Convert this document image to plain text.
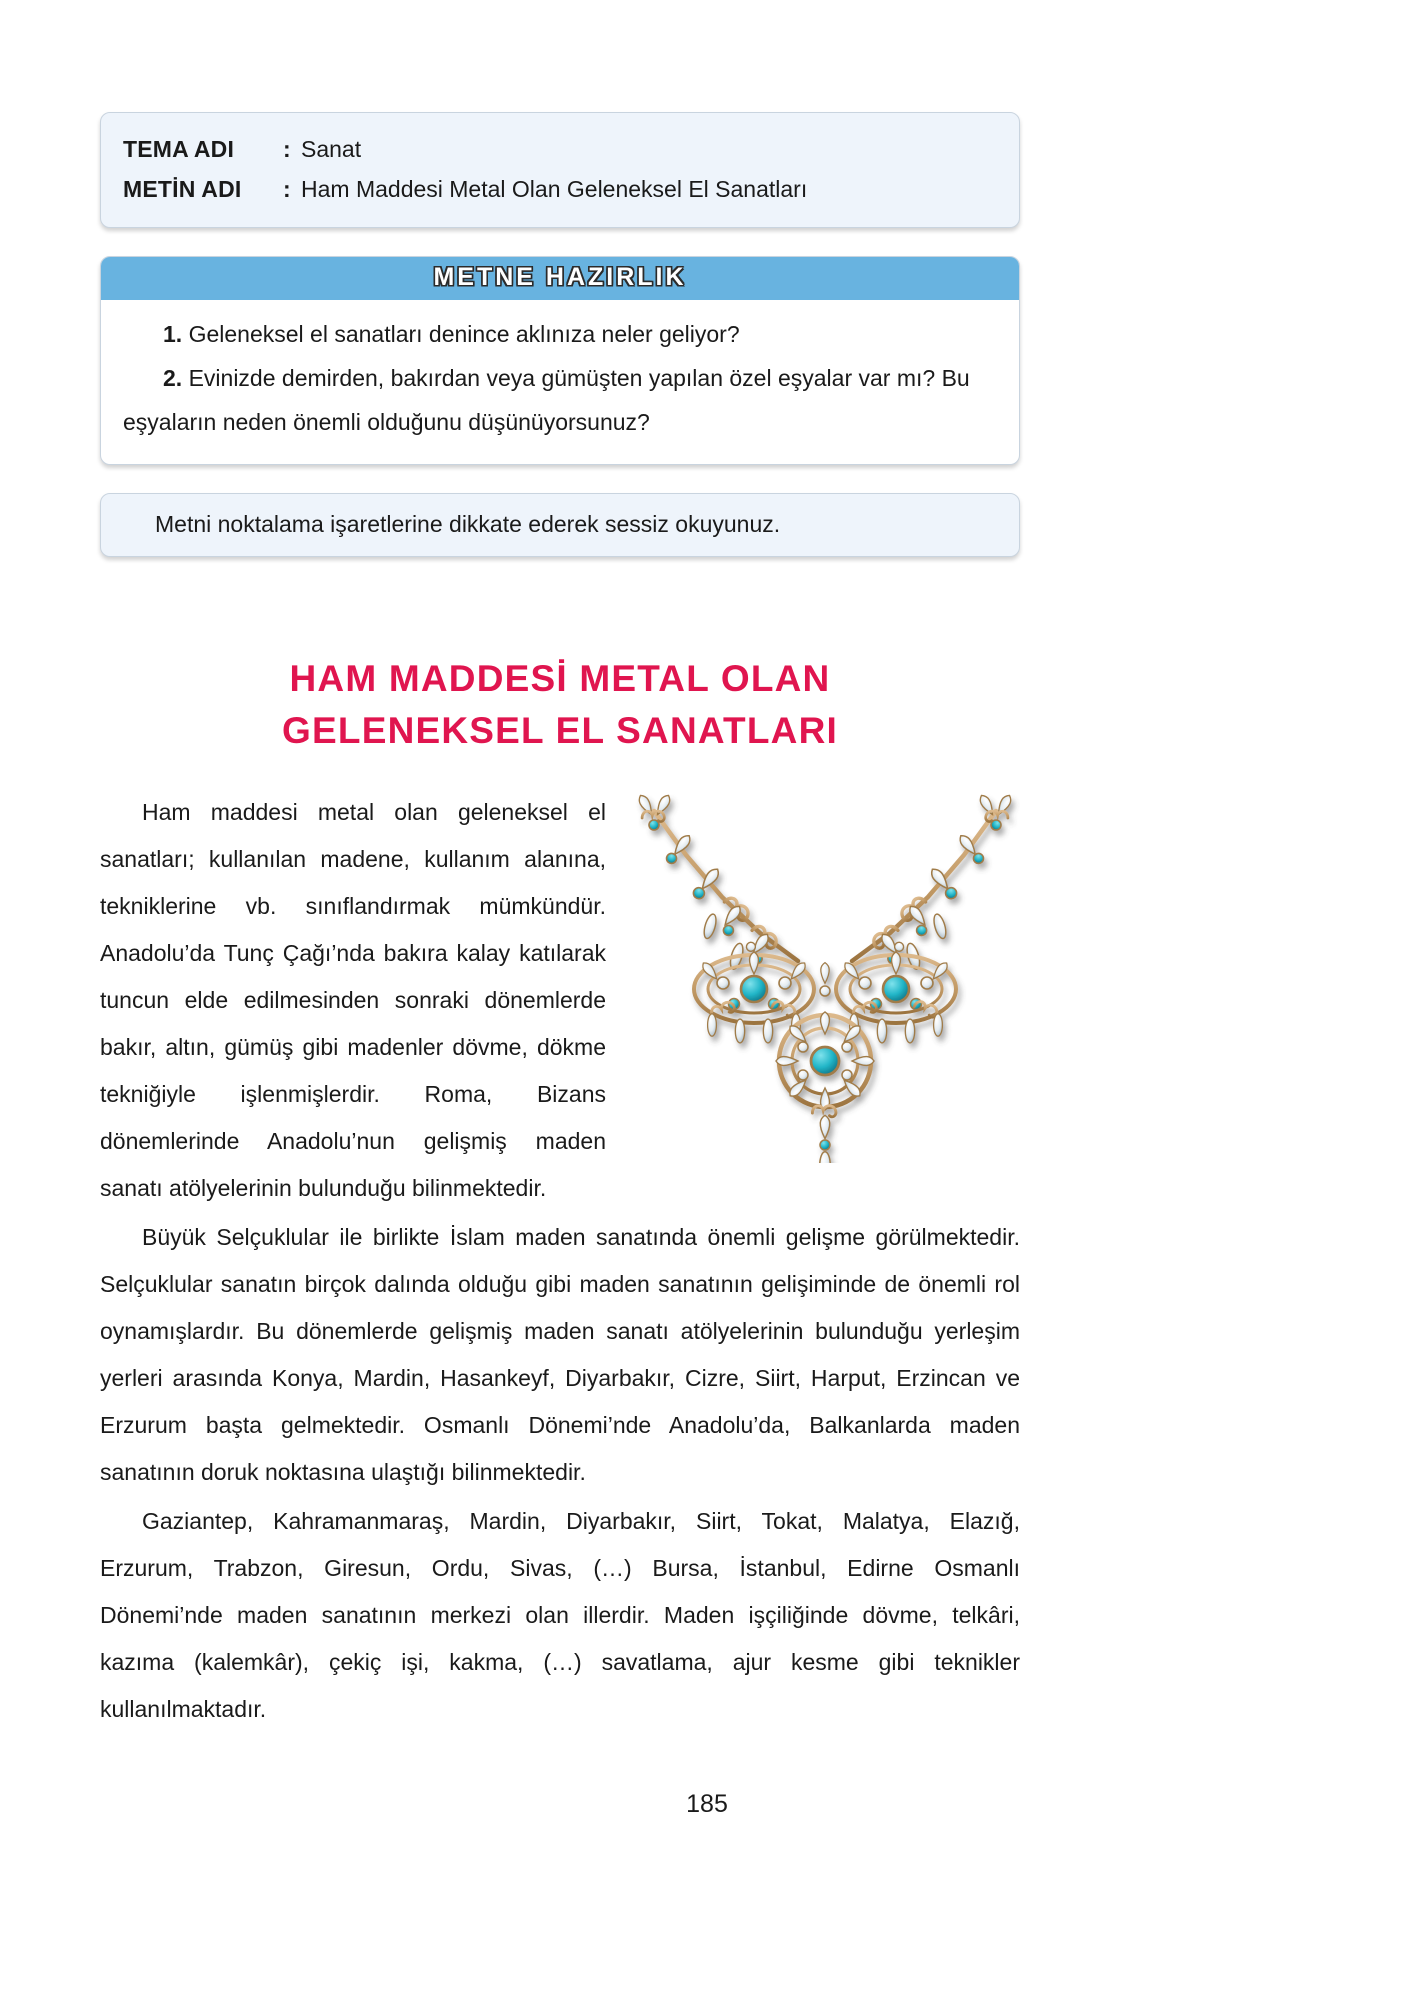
TEMA ADI	: Sanat
METİN ADI	: Ham Maddesi Metal Olan Geleneksel El Sanatları
METNE HAZIRLIK
1. Geleneksel el sanatları denince aklınıza neler geliyor?
2. Evinizde demirden, bakırdan veya gümüşten yapılan özel eşyalar var mı? Bu eşyaların neden önemli olduğunu düşünüyorsunuz?
Metni noktalama işaretlerine dikkate ederek sessiz okuyunuz.
HAM MADDESİ METAL OLAN
GELENEKSEL EL SANATLARI

Ham maddesi metal olan geleneksel el sanatları; kullanılan madene, kullanım alanına, tekniklerine vb. sınıflandırmak mümkündür. Anadolu’da Tunç Çağı’nda bakıra kalay katılarak tuncun elde edilmesinden sonraki dönemlerde bakır, altın, gümüş gibi madenler dövme, dökme tekniğiyle işlenmişlerdir. Roma, Bizans dönemlerinde Anadolu’nun gelişmiş maden sanatı atölyelerinin bulunduğu bilinmektedir.

Büyük Selçuklular ile birlikte İslam maden sanatında önemli gelişme görülmektedir. Selçuklular sanatın birçok dalında olduğu gibi maden sanatının gelişiminde de önemli rol oynamışlardır. Bu dönemlerde gelişmiş maden sanatı atölyelerinin bulunduğu yerleşim yerleri arasında Konya, Mardin, Hasankeyf, Diyarbakır, Cizre, Siirt, Harput, Erzincan ve Erzurum başta gelmektedir. Osmanlı Dönemi’nde Anadolu’da, Balkanlarda maden sanatının doruk noktasına ulaştığı bilinmektedir.

Gaziantep, Kahramanmaraş, Mardin, Diyarbakır, Siirt, Tokat, Malatya, Elazığ, Erzurum, Trabzon, Giresun, Ordu, Sivas, (…) Bursa, İstanbul, Edirne Osmanlı Dönemi’nde maden sanatının merkezi olan illerdir. Maden işçiliğinde dövme, telkâri, kazıma (kalemkâr), çekiç işi, kakma, (…) savatlama, ajur kesme gibi teknikler kullanılmaktadır.

185
